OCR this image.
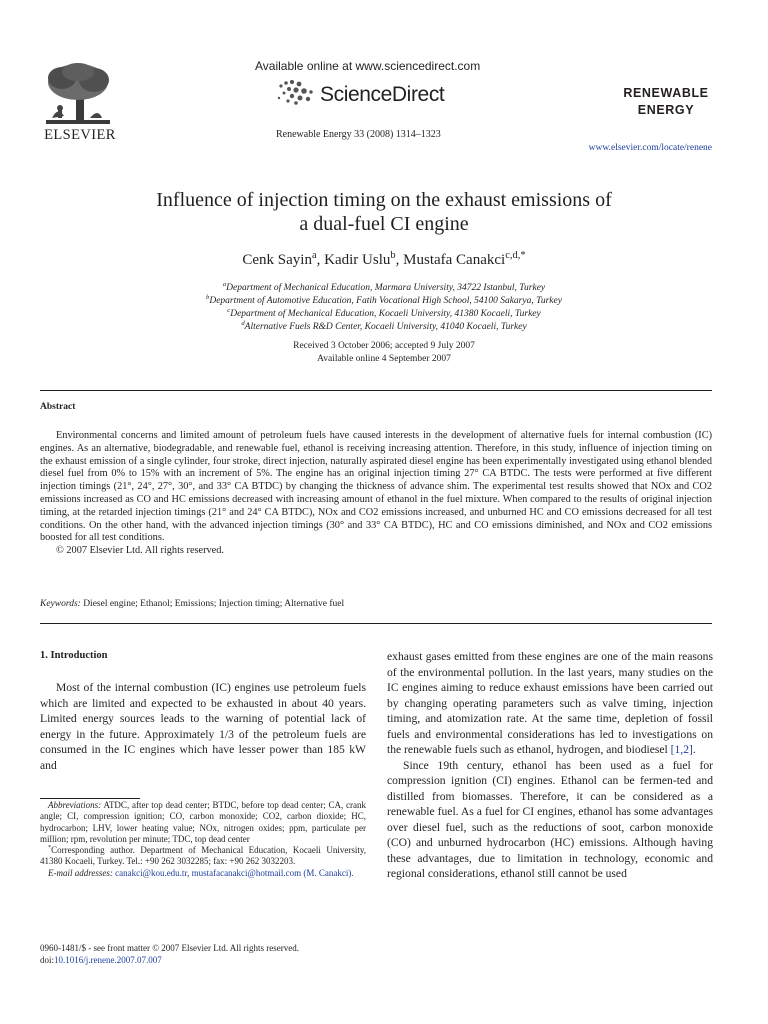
ELSEVIER
Available online at www.sciencedirect.com
ScienceDirect
Renewable Energy 33 (2008) 1314–1323
RENEWABLE
ENERGY
www.elsevier.com/locate/renene
Influence of injection timing on the exhaust emissions of
a dual-fuel CI engine
Cenk Sayin$^a$, Kadir Uslu$^b$, Mustafa Canakci$^{c,d,*}$
$^a$Department of Mechanical Education, Marmara University, 34722 Istanbul, Turkey
$^b$Department of Automotive Education, Fatih Vocational High School, 54100 Sakarya, Turkey
$^c$Department of Mechanical Education, Kocaeli University, 41380 Kocaeli, Turkey
$^d$Alternative Fuels R&D Center, Kocaeli University, 41040 Kocaeli, Turkey
Received 3 October 2006; accepted 9 July 2007
Available online 4 September 2007
Abstract

Environmental concerns and limited amount of petroleum fuels have caused interests in the development of alternative fuels for internal combustion (IC) engines. As an alternative, biodegradable, and renewable fuel, ethanol is receiving increasing attention. Therefore, in this study, influence of injection timing on the exhaust emission of a single cylinder, four stroke, direct injection, naturally aspirated diesel engine has been experimentally investigated using ethanol blended diesel fuel from 0% to 15% with an increment of 5%. The engine has an original injection timing 27° CA BTDC. The tests were performed at five different injection timings (21°, 24°, 27°, 30°, and 33° CA BTDC) by changing the thickness of advance shim. The experimental test results showed that NOx and CO2 emissions increased as CO and HC emissions decreased with increasing amount of ethanol in the fuel mixture. When compared to the results of original injection timing, at the retarded injection timings (21° and 24° CA BTDC), NOx and CO2 emissions increased, and unburned HC and CO emissions decreased for all test conditions. On the other hand, with the advanced injection timings (30° and 33° CA BTDC), HC and CO emissions diminished, and NOx and CO2 emissions boosted for all test conditions.

© 2007 Elsevier Ltd. All rights reserved.

Keywords: Diesel engine; Ethanol; Emissions; Injection timing; Alternative fuel
1. Introduction

Most of the internal combustion (IC) engines use petroleum fuels which are limited and expected to be exhausted in about 40 years. Limited energy sources leads to the warning of potential lack of energy in the future. Approximately 1/3 of the petroleum fuels are consumed in the IC engines which have lesser power than 185 kW and

Abbreviations: ATDC, after top dead center; BTDC, before top dead center; CA, crank angle; CI, compression ignition; CO, carbon monoxide; CO2, carbon dioxide; HC, hydrocarbon; LHV, lower heating value; NOx, nitrogen oxides; ppm, particulate per million; rpm, revolution per minute; TDC, top dead center

*Corresponding author. Department of Mechanical Education, Kocaeli University, 41380 Kocaeli, Turkey. Tel.: +90 262 3032285; fax: +90 262 3032203.

E-mail addresses: canakci@kou.edu.tr, mustafacanakci@hotmail.com (M. Canakci).

0960-1481/$ - see front matter © 2007 Elsevier Ltd. All rights reserved.
doi:10.1016/j.renene.2007.07.007

exhaust gases emitted from these engines are one of the main reasons of the environmental pollution. In the last years, many studies on the IC engines aiming to reduce exhaust emissions have been carried out by changing operating parameters such as valve timing, injection timing, and atomization rate. At the same time, depletion of fossil fuels and environmental considerations has led to investigations on the renewable fuels such as ethanol, hydrogen, and biodiesel [1,2].

Since 19th century, ethanol has been used as a fuel for compression ignition (CI) engines. Ethanol can be fermen-ted and distilled from biomasses. Therefore, it can be considered as a renewable fuel. As a fuel for CI engines, ethanol has some advantages over diesel fuel, such as the reductions of soot, carbon monoxide (CO) and unburned hydrocarbon (HC) emissions. Although having these advantages, due to limitation in technology, economic and regional considerations, ethanol still cannot be used
